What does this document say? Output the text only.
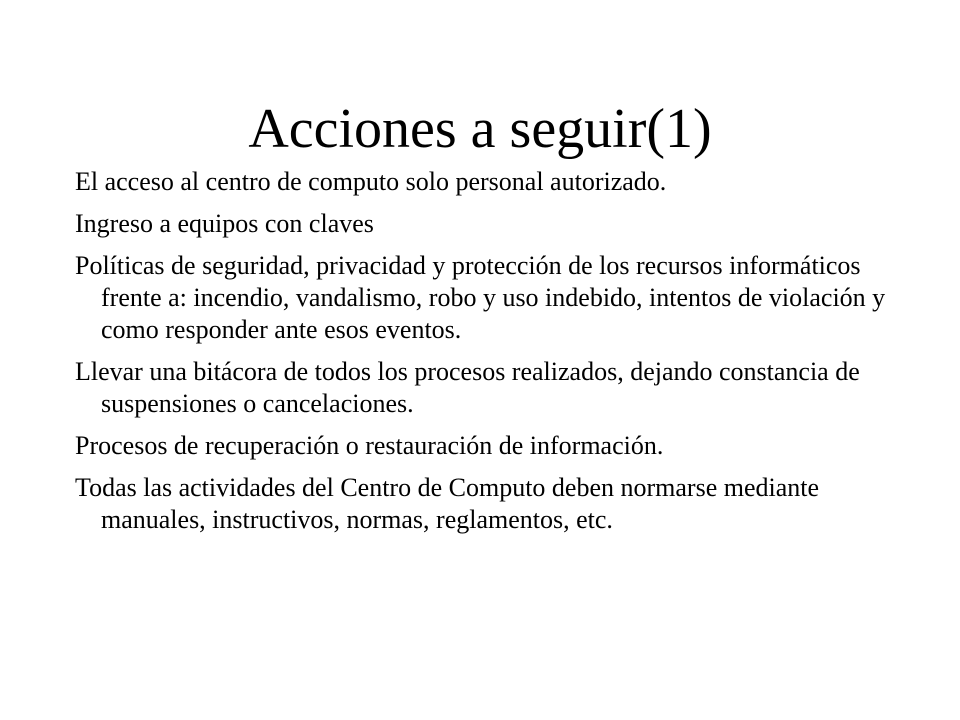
Acciones a seguir(1)
El acceso al centro de computo solo personal autorizado.
Ingreso a equipos con claves
Políticas de seguridad, privacidad y protección de los recursos informáticos frente a: incendio, vandalismo, robo y uso indebido, intentos de violación y como responder ante esos eventos.
Llevar una bitácora de todos los procesos realizados, dejando constancia de suspensiones o cancelaciones.
Procesos de recuperación o restauración de información.
Todas las actividades del Centro de Computo deben normarse mediante manuales, instructivos, normas, reglamentos, etc.
